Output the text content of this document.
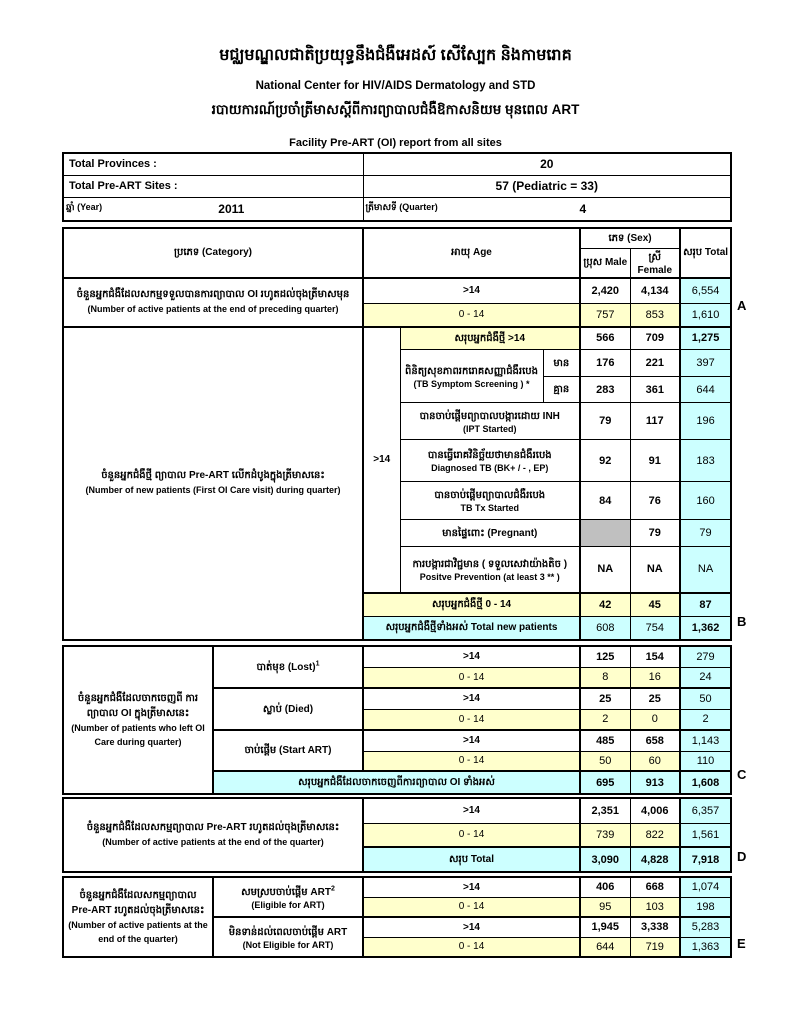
មជ្ឈមណ្ឌលជាតិប្រយុទ្ធនឹងជំងឺអេដស៍ សើស្បែក និងកាមរោគ
National Center for HIV/AIDS Dermatology and STD
របាយការណ៍ប្រចាំត្រីមាសស្តីពីការព្យាបាលជំងឺឱកាសនិយម មុនពេល ART
Facility Pre-ART (OI) report from all sites
Total Provinces :	20
Total Pre-ART Sites :	57 (Pediatric = 33)

ឆ្នាំ (Year) 2011	ត្រីមាសទី (Quarter) 4
ប្រភេទ (Category)	អាយុ Age			ភេទ (Sex)		សរុប Total
				ប្រុស Male	ស្រី Female	

ចំនួនអ្នកជំងឺដែលសកម្មទទួលបានការព្យាបាល OI រហូតដល់ចុងត្រីមាសមុន
(Number of active patients at the end of preceding quarter)	>14			2,420	4,134	6,554
	0 - 14			757	853	1,610

ចំនួនអ្នកជំងឺថ្មី ព្យាបាល Pre-ART លើកដំបូងក្នុងត្រីមាសនេះ
(Number of new patients (First OI Care visit) during quarter)	>14	សរុបអ្នកជំងឺថ្មី >14		566	709	1,275

		ពិនិត្យសុខភាពរករោគសញ្ញាជំងឺរបេង
(TB Symptom Screening ) *	មាន	176	221	397
			គ្មាន	283	361	644

		បានចាប់ផ្តើមព្យាបាលបង្ការដោយ INH
(IPT Started)		79	117	196

		បានធ្វើរោគវិនិច្ឆ័យថាមានជំងឺរបេង
Diagnosed TB (BK+ / - , EP)		92	91	183

		បានចាប់ផ្តើមព្យាបាលជំងឺរបេង
TB Tx Started		84	76	160
		មានផ្ទៃពោះ (Pregnant)			79	79

		ការបង្ការជាវិជ្ជមាន ( ទទួលសេវាយ៉ាងតិច )
Positve Prevention (at least 3 ** )		NA	NA	NA
	សរុបអ្នកជំងឺថ្មី 0 - 14			42	45	87
	សរុបអ្នកជំងឺថ្មីទាំងអស់ Total new patients			608	754	1,362
ចំនួនអ្នកជំងឺដែលចាកចេញពី ការព្យាបាល OI ក្នុងត្រីមាសនេះ
(Number of patients who left OI Care during quarter)	បាត់មុខ (Lost)$^1$	>14	125	154	279
		0 - 14	8	16	24
	ស្លាប់ (Died)	>14	25	25	50
		0 - 14	2	0	2
	ចាប់ផ្តើម (Start ART)	>14	485	658	1,143
		0 - 14	50	60	110
	សរុបអ្នកជំងឺដែលចាកចេញពីការព្យាបាល OI ទាំងអស់		695	913	1,608
ចំនួនអ្នកជំងឺដែលសកម្មព្យាបាល Pre-ART រហូតដល់ចុងត្រីមាសនេះ
(Number of active patients at the end of the quarter)	>14	2,351	4,006	6,357
	0 - 14	739	822	1,561
	សរុប Total	3,090	4,828	7,918
ចំនួនអ្នកជំងឺដែលសកម្មព្យាបាល
Pre-ART រហូតដល់ចុងត្រីមាសនេះ
(Number of active patients at the end of the quarter)

សមស្របចាប់ផ្តើម ART$^2$
(Eligible for ART)
	>14	406	668	1,074
		0 - 14	95	103	198

	មិនទាន់ដល់ពេលចាប់ផ្តើម ART
(Not Eligible for ART)	>14	1,945	3,338	5,283
		0 - 14	644	719	1,363
A
B
C
D
E
